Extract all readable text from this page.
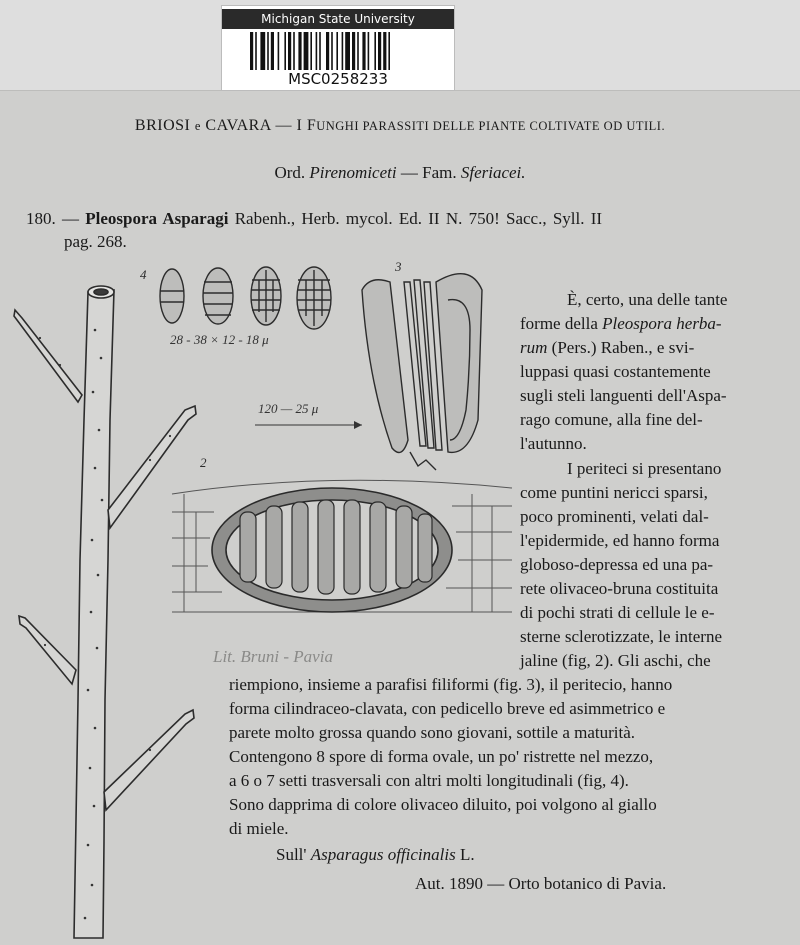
Michigan State University
MSC0258233
BRIOSI e CAVARA — I FUNGHI PARASSITI DELLE PIANTE COLTIVATE OD UTILI.
Ord. Pirenomiceti — Fam. Sferiacei.
180. — Pleospora Asparagi Rabenh., Herb. mycol. Ed. II N. 750! Sacc., Syll. II
pag. 268.
4
28 - 38 × 12 - 18 μ
3
120 — 25 μ
2
Lit. Bruni - Pavia
È, certo, una delle tante
forme della Pleospora herba-
rum (Pers.) Raben., e svi-
luppasi quasi costantemente
sugli steli languenti dell'Aspa-
rago comune, alla fine del-
l'autunno.
I periteci si presentano
come puntini nericci sparsi,
poco prominenti, velati dal-
l'epidermide, ed hanno forma
globoso-depressa ed una pa-
rete olivaceo-bruna costituita
di pochi strati di cellule le e-
sterne sclerotizzate, le interne
jaline (fig, 2). Gli aschi, che
riempiono, insieme a parafisi filiformi (fig. 3), il peritecio, hanno
forma cilindraceo-clavata, con pedicello breve ed asimmetrico e
parete molto grossa quando sono giovani, sottile a maturità.
Contengono 8 spore di forma ovale, un po' ristrette nel mezzo,
a 6 o 7 setti trasversali con altri molti longitudinali (fig, 4).
Sono dapprima di colore olivaceo diluito, poi volgono al giallo
di miele.
Sull' Asparagus officinalis L.
Aut. 1890 — Orto botanico di Pavia.
